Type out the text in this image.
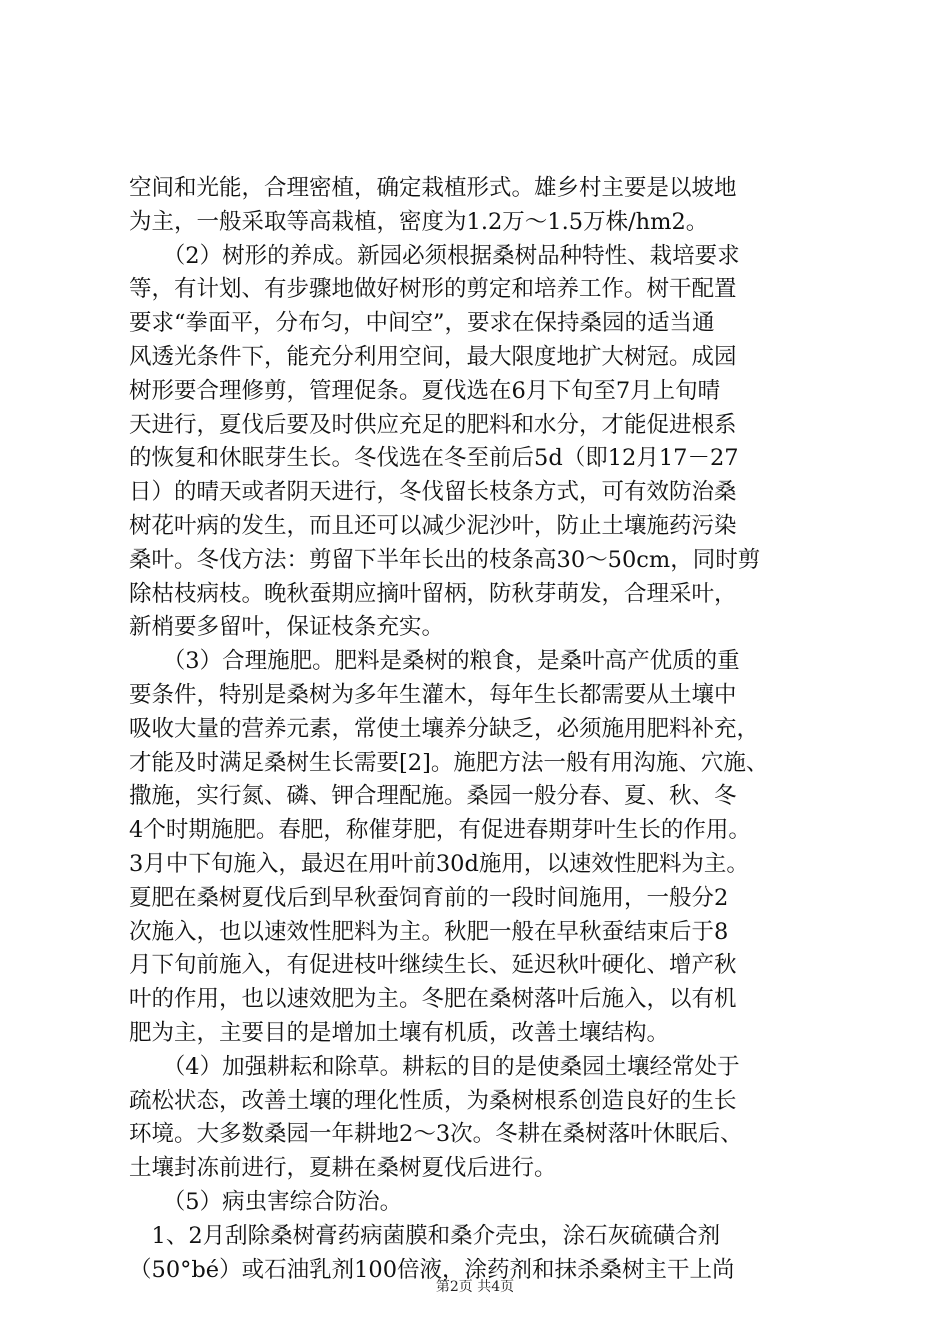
空间和光能，合理密植，确定栽植形式。雄乡村主要是以坡地
为主，一般采取等高栽植，密度为1.2万～1.5万株/hm2。
　　（2）树形的养成。新园必须根据桑树品种特性、栽培要求
等，有计划、有步骤地做好树形的剪定和培养工作。树干配置
要求“拳面平，分布匀，中间空”，要求在保持桑园的适当通
风透光条件下，能充分利用空间，最大限度地扩大树冠。成园
树形要合理修剪，管理促条。夏伐选在6月下旬至7月上旬晴
天进行，夏伐后要及时供应充足的肥料和水分，才能促进根系
的恢复和休眠芽生长。冬伐选在冬至前后5d（即12月17－27
日）的晴天或者阴天进行，冬伐留长枝条方式，可有效防治桑
树花叶病的发生，而且还可以减少泥沙叶，防止土壤施药污染
桑叶。冬伐方法：剪留下半年长出的枝条高30～50cm，同时剪
除枯枝病枝。晚秋蚕期应摘叶留柄，防秋芽萌发，合理采叶，
新梢要多留叶，保证枝条充实。
　　（3）合理施肥。肥料是桑树的粮食，是桑叶高产优质的重
要条件，特别是桑树为多年生灌木，每年生长都需要从土壤中
吸收大量的营养元素，常使土壤养分缺乏，必须施用肥料补充，
才能及时满足桑树生长需要[2]。施肥方法一般有用沟施、穴施、
撒施，实行氮、磷、钾合理配施。桑园一般分春、夏、秋、冬
4个时期施肥。春肥，称催芽肥，有促进春期芽叶生长的作用。
3月中下旬施入，最迟在用叶前30d施用，以速效性肥料为主。
夏肥在桑树夏伐后到早秋蚕饲育前的一段时间施用，一般分2
次施入，也以速效性肥料为主。秋肥一般在早秋蚕结束后于8
月下旬前施入，有促进枝叶继续生长、延迟秋叶硬化、增产秋
叶的作用，也以速效肥为主。冬肥在桑树落叶后施入，以有机
肥为主，主要目的是增加土壤有机质，改善土壤结构。
　　（4）加强耕耘和除草。耕耘的目的是使桑园土壤经常处于
疏松状态，改善土壤的理化性质，为桑树根系创造良好的生长
环境。大多数桑园一年耕地2～3次。冬耕在桑树落叶休眠后、
土壤封冻前进行，夏耕在桑树夏伐后进行。
　　（5）病虫害综合防治。
　1、2月刮除桑树膏药病菌膜和桑介壳虫，涂石灰硫磺合剂
（50°bé）或石油乳剂100倍液，涂药剂和抹杀桑树主干上尚
第2页 共4页
